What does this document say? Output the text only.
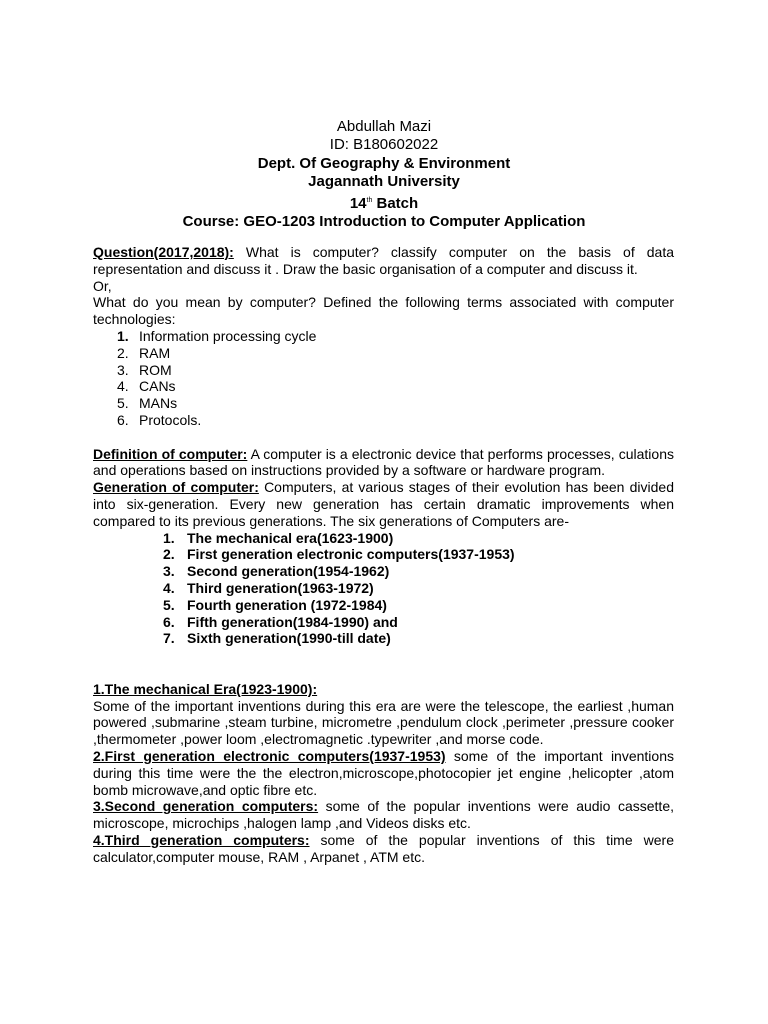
Abdullah Mazi
ID: B180602022
Dept. Of Geography & Environment
Jagannath University
14th Batch
Course: GEO-1203 Introduction to Computer Application

Question(2017,2018): What is computer? classify computer on the basis of data representation and discuss it . Draw the basic organisation of a computer and discuss it.

Or,

What do you mean by computer? Defined the following terms associated with computer technologies:

1. Information processing cycle
2. RAM
3. ROM
4. CANs
5. MANs
6. Protocols.

Definition of computer: A computer is a electronic device that performs processes, culations and operations based on instructions provided by a software or hardware program.

Generation of computer: Computers, at various stages of their evolution has been divided into six-generation. Every new generation has certain dramatic improvements when compared to its previous generations. The six generations of Computers are-

1. The mechanical era(1623-1900)
2. First generation electronic computers(1937-1953)
3. Second generation(1954-1962)
4. Third generation(1963-1972)
5. Fourth generation (1972-1984)
6. Fifth generation(1984-1990) and
7. Sixth generation(1990-till date)

1.The mechanical Era(1923-1900):

Some of the important inventions during this era are were the telescope, the earliest ,human powered ,submarine ,steam turbine, micrometre ,pendulum clock ,perimeter ,pressure cooker ,thermometer ,power loom ,electromagnetic .typewriter ,and morse code.

2.First generation electronic computers(1937-1953) some of the important inventions during this time were the the electron,microscope,photocopier jet engine ,helicopter ,atom bomb microwave,and optic fibre etc.

3.Second generation computers: some of the popular inventions were audio cassette, microscope, microchips ,halogen lamp ,and Videos disks etc.

4.Third generation computers: some of the popular inventions of this time were calculator,computer mouse, RAM , Arpanet , ATM etc.
